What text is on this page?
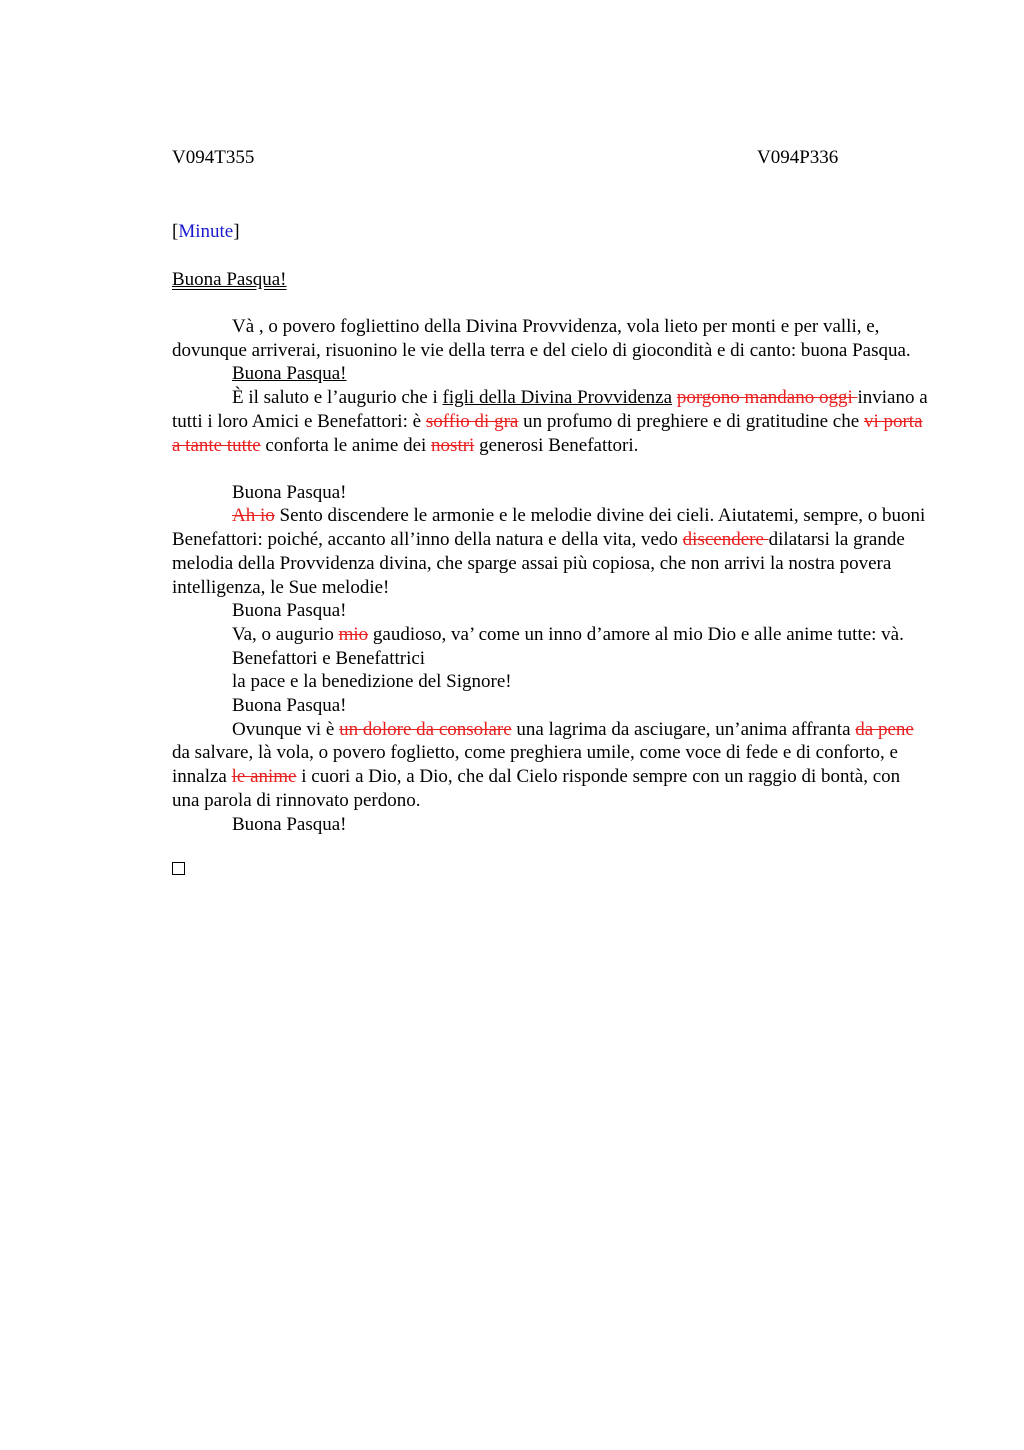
V094T355	V094P336
[Minute]
Buona Pasqua!
Và , o povero fogliettino della Divina Provvidenza, vola lieto per monti e per valli, e, dovunque arriverai, risuonino le vie della terra e del cielo di giocondità e di canto: buona Pasqua.
Buona Pasqua!
È il saluto e l’augurio che i figli della Divina Provvidenza porgono mandano oggi inviano a tutti i loro Amici e Benefattori: è soffio di gra un profumo di preghiere e di gratitudine che vi porta a tante tutte conforta le anime dei nostri generosi Benefattori.
Buona Pasqua!
Ah io Sento discendere le armonie e le melodie divine dei cieli. Aiutatemi, sempre, o buoni Benefattori: poiché, accanto all’inno della natura e della vita, vedo discendere dilatarsi la grande melodia della Provvidenza divina, che sparge assai più copiosa, che non arrivi la nostra povera intelligenza, le Sue melodie!
Buona Pasqua!
Va, o augurio mio gaudioso, va’ come un inno d’amore al mio Dio e alle anime tutte: và.
Benefattori e Benefattrici
la pace e la benedizione del Signore!
Buona Pasqua!
Ovunque vi è un dolore da consolare una lagrima da asciugare, un’anima affranta da pene da salvare, là vola, o povero foglietto, come preghiera umile, come voce di fede e di conforto, e innalza le anime i cuori a Dio, a Dio, che dal Cielo risponde sempre con un raggio di bontà, con una parola di rinnovato perdono.
Buona Pasqua!
